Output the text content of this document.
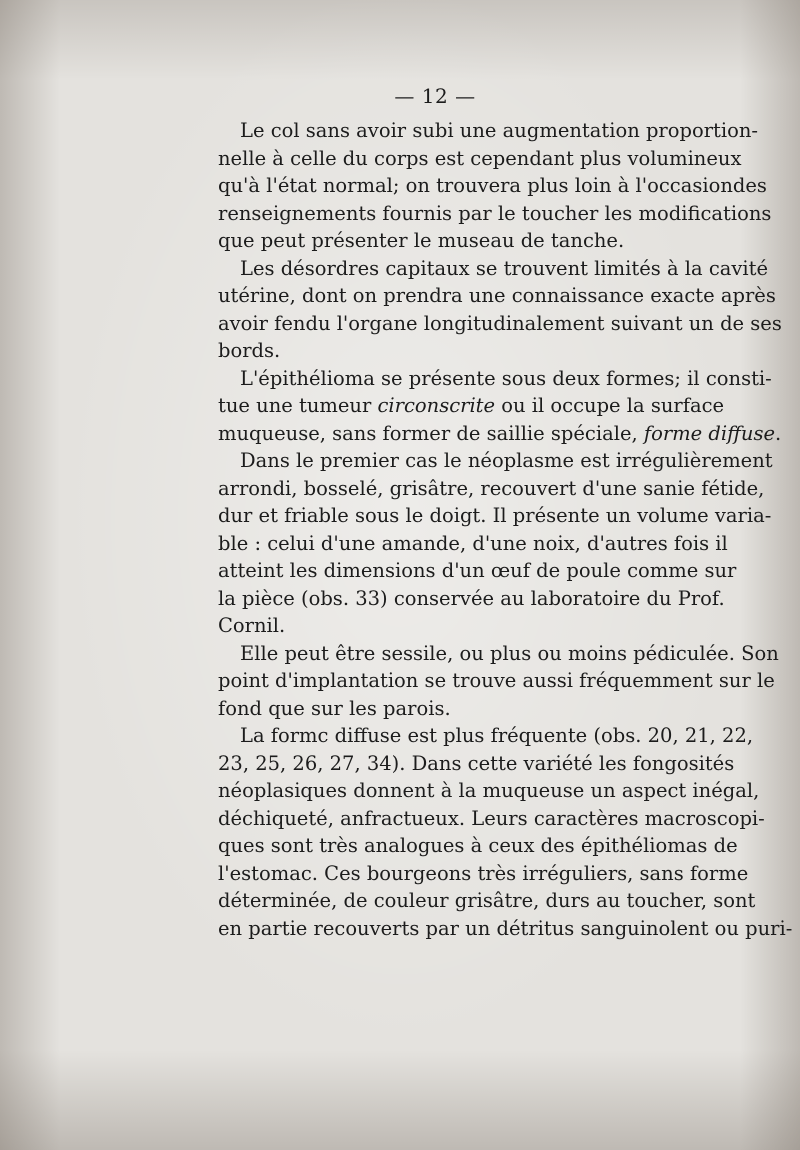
— 12 —
Le col sans avoir subi une augmentation proportion-
nelle à celle du corps est cependant plus volumineux
qu'à l'état normal; on trouvera plus loin à l'occasiondes
renseignements fournis par le toucher les modifications
que peut présenter le museau de tanche.
Les désordres capitaux se trouvent limités à la cavité
utérine, dont on prendra une connaissance exacte après
avoir fendu l'organe longitudinalement suivant un de ses
bords.
L'épithélioma se présente sous deux formes; il consti-
tue une tumeur circonscrite ou il occupe la surface
muqueuse, sans former de saillie spéciale, forme diffuse.
Dans le premier cas le néoplasme est irrégulièrement
arrondi, bosselé, grisâtre, recouvert d'une sanie fétide,
dur et friable sous le doigt. Il présente un volume varia-
ble : celui d'une amande, d'une noix, d'autres fois il
atteint les dimensions d'un œuf de poule comme sur
la pièce (obs. 33) conservée au laboratoire du Prof.
Cornil.
Elle peut être sessile, ou plus ou moins pédiculée. Son
point d'implantation se trouve aussi fréquemment sur le
fond que sur les parois.
La formc diffuse est plus fréquente (obs. 20, 21, 22,
23, 25, 26, 27, 34). Dans cette variété les fongosités
néoplasiques donnent à la muqueuse un aspect inégal,
déchiqueté, anfractueux. Leurs caractères macroscopi-
ques sont très analogues à ceux des épithéliomas de
l'estomac. Ces bourgeons très irréguliers, sans forme
déterminée, de couleur grisâtre, durs au toucher, sont
en partie recouverts par un détritus sanguinolent ou puri-
